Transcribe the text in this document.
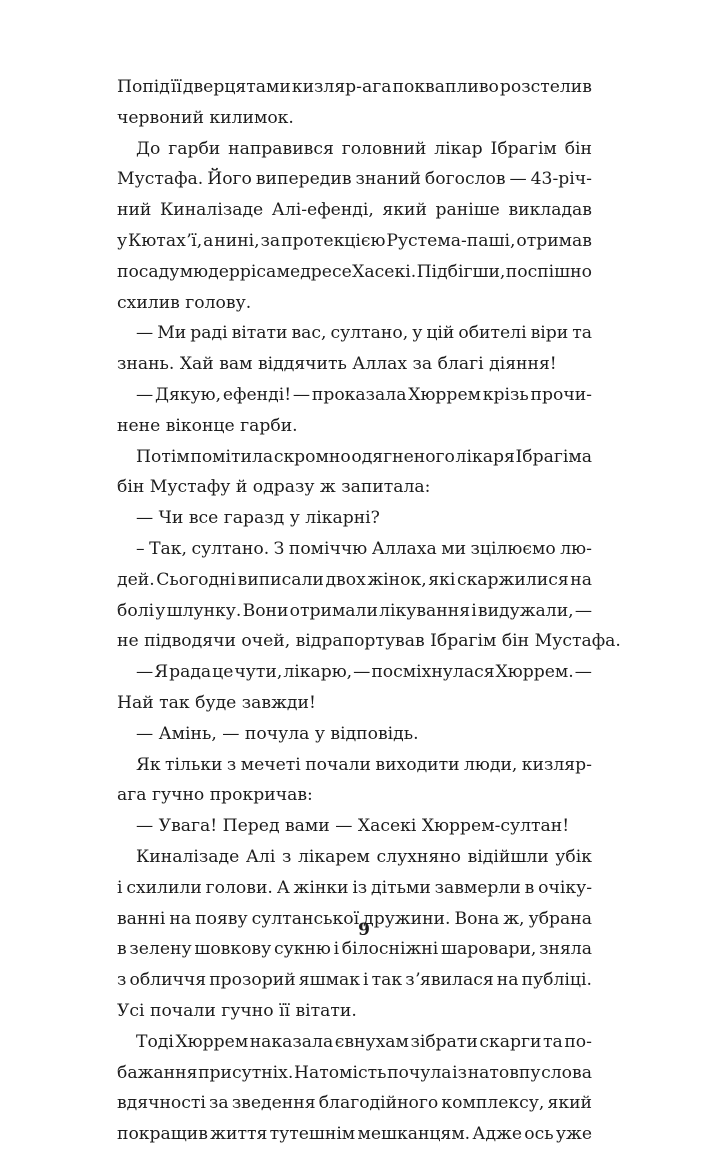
Попід її дверцятами кизляр-ага поквапливо розстелив
червоний килимок.
До гарби направився головний лікар Ібрагім бін
Мустафа. Його випередив знаний богослов — 43-річ-
ний Киналізаде Алі-ефенді, який раніше викладав
у Кютахʼї, а нині, за протекцією Рустема-паші, отримав
посаду мюдерріса медресе Хасекі. Підбігши, поспішно
схилив голову.
— Ми раді вітати вас, султано, у цій обителі віри та
знань. Хай вам віддячить Аллах за благі діяння!
— Дякую, ефенді! — проказала Хюррем крізь прочи-
нене віконце гарби.
Потім помітила скромно одягненого лікаря Ібрагіма
бін Мустафу й одразу ж запитала:
— Чи все гаразд у лікарні?
– Так, султано. З поміччю Аллаха ми зцілюємо лю-
дей. Сьогодні виписали двох жінок, які скаржилися на
болі у шлунку. Вони отримали лікування і видужали, —
не підводячи очей, відрапортував Ібрагім бін Мустафа.
— Я рада це чути, лікарю, — посміхнулася Хюррем. —
Най так буде завжди!
— Амінь, — почула у відповідь.
Як тільки з мечеті почали виходити люди, кизляр-
ага гучно прокричав:
— Увага! Перед вами — Хасекі Хюррем-султан!
Киналізаде Алі з лікарем слухняно відійшли убік
і схилили голови. А жінки із дітьми завмерли в очіку-
ванні на появу султанської дружини. Вона ж, убрана
в зелену шовкову сукню і білосніжні шаровари, зняла
з обличчя прозорий яшмак і так зʼявилася на публіці.
Усі почали гучно її вітати.
Тоді Хюррем наказала євнухам зібрати скарги та по-
бажання присутніх. Натомість почула із натовпу слова
вдячності за зведення благодійного комплексу, який
покращив життя тутешнім мешканцям. Адже ось уже
9
